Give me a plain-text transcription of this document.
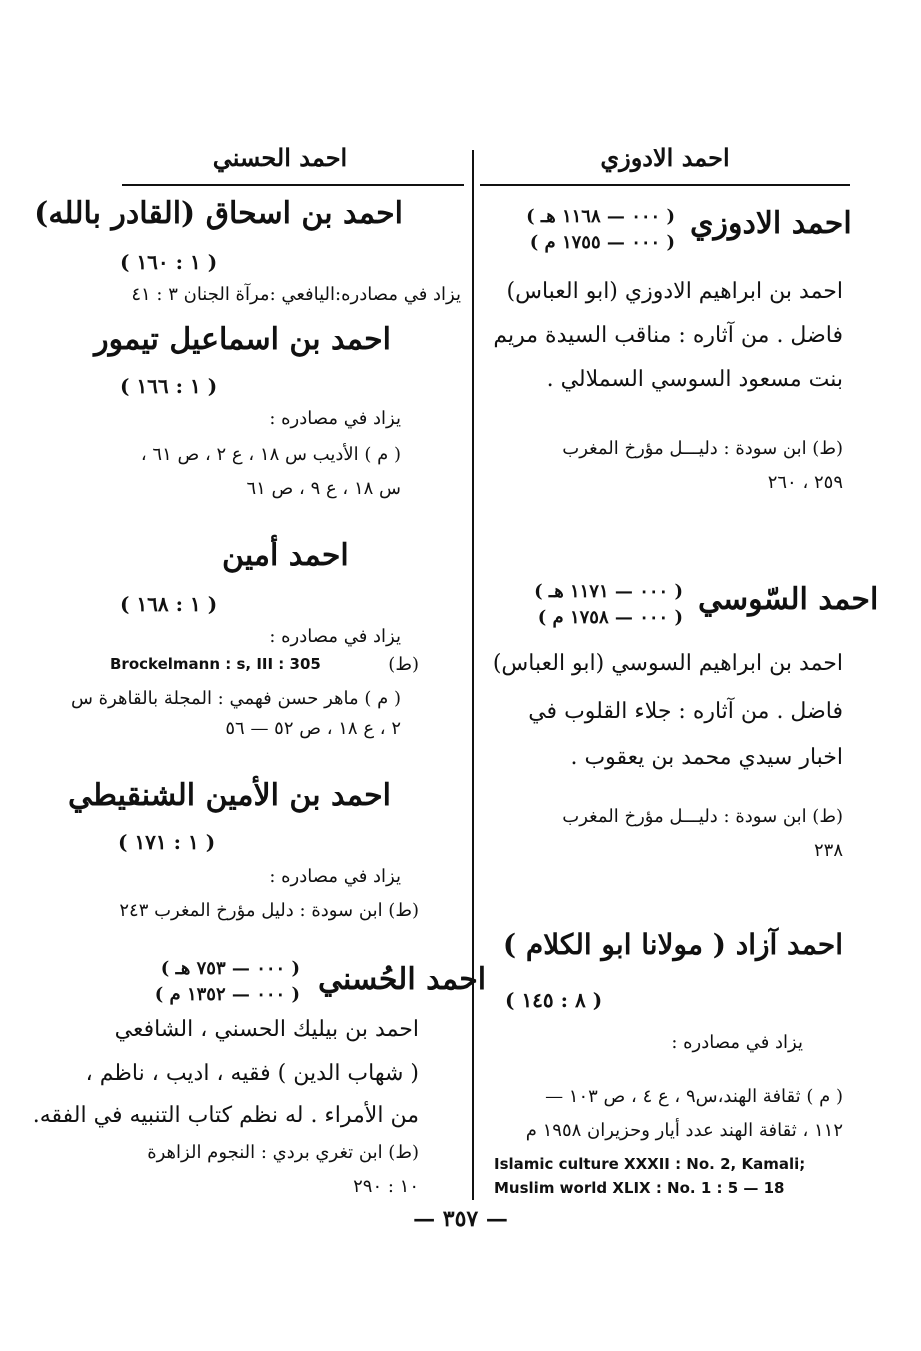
احمد الادوزي
احمد الحسني
احمد الادوزي
( ٠٠٠ — ١١٦٨ هـ )
( ٠٠٠ — ١٧٥٥ م )
احمد بن ابراهيم الادوزي (ابو العباس)
فاضل . من آثاره : مناقب السيدة مريم
بنت مسعود السوسي السملالي .
(ط) ابن سودة : دليـــل مؤرخ المغرب
٢٥٩ ، ٢٦٠
احمد السّوسي
( ٠٠٠ — ١١٧١ هـ )
( ٠٠٠ — ١٧٥٨ م )
احمد بن ابراهيم السوسي (ابو العباس)
فاضل . من آثاره : جلاء القلوب في
اخبار سيدي محمد بن يعقوب .
(ط) ابن سودة : دليـــل مؤرخ المغرب
٢٣٨
احمد آزاد ( مولانا ابو الكلام )
( ٨ : ١٤٥ )
يزاد في مصادره :
( م ) ثقافة الهند،س٩ ، ع ٤ ، ص ١٠٣ —
١١٢ ، ثقافة الهند عدد أيار وحزيران ١٩٥٨ م
Islamic culture XXXII : No. 2, Kamali;
Muslim world XLIX : No. 1 : 5 — 18
احمد بن اسحاق (القادر بالله)
( ١ : ١٦٠ )
يزاد في مصادره:اليافعي :مرآة الجنان ٣ : ٤١
احمد بن اسماعيل تيمور
( ١ : ١٦٦ )
يزاد في مصادره :
( م ) الأديب س ١٨ ، ع ٢ ، ص ٦١ ،
س ١٨ ، ع ٩ ، ص ٦١
احمد أمين
( ١ : ١٦٨ )
يزاد في مصادره :
(ط)
Brockelmann : s, III : 305
( م ) ماهر حسن فهمي : المجلة بالقاهرة س
٢ ، ع ١٨ ، ص ٥٢ — ٥٦
احمد بن الأمين الشنقيطي
( ١ : ١٧١ )
يزاد في مصادره :
(ط) ابن سودة : دليل مؤرخ المغرب ٢٤٣
احمد الحُسني
( ٠٠٠ — ٧٥٣ هـ )
( ٠٠٠ — ١٣٥٢ م )
احمد بن بيليك الحسني ، الشافعي
( شهاب الدين ) فقيه ، اديب ، ناظم ،
من الأمراء . له نظم كتاب التنبيه في الفقه.
(ط) ابن تغري بردي : النجوم الزاهرة
١٠ : ٢٩٠
— ٣٥٧ —
